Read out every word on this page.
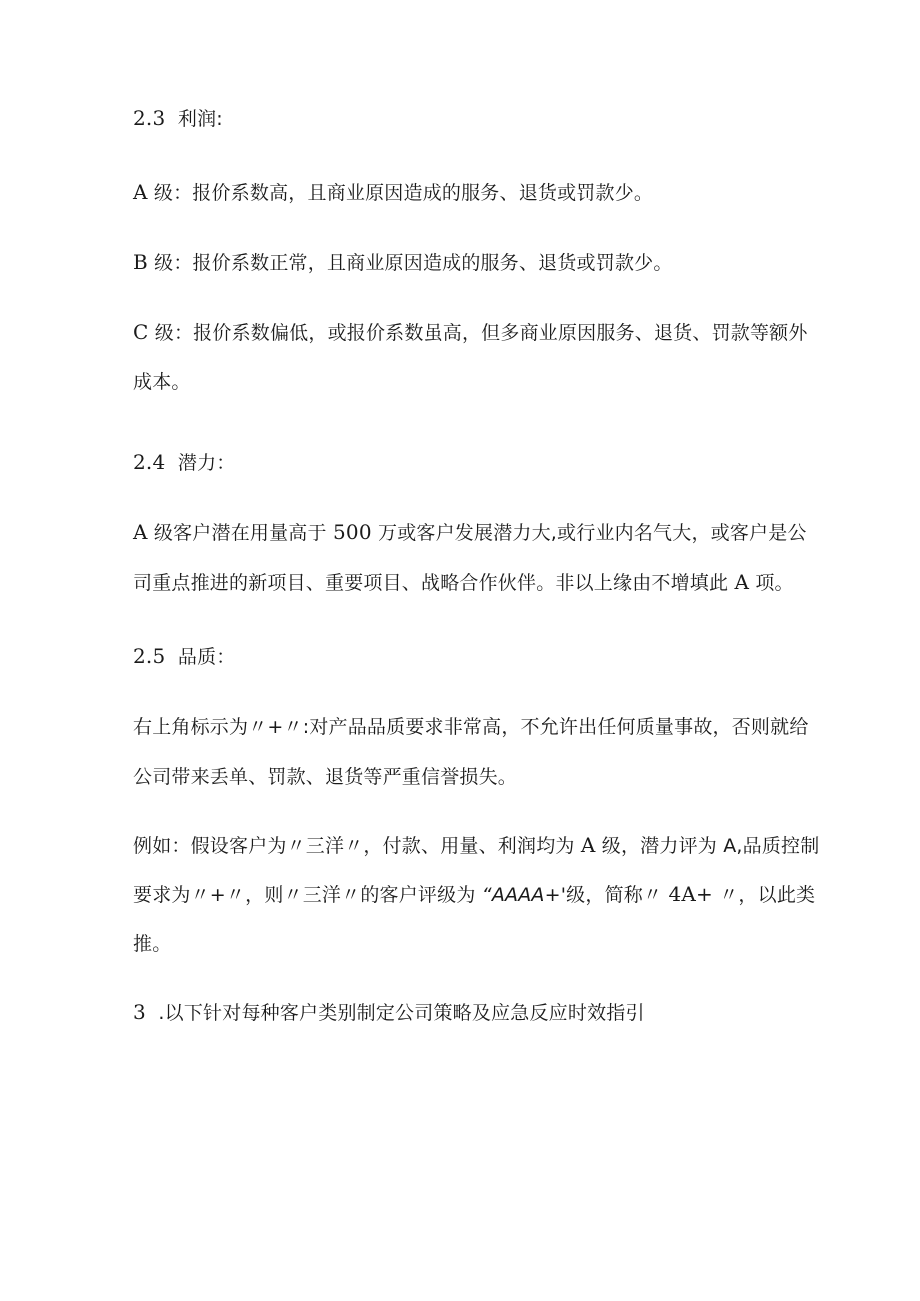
2.3 利润:
A 级：报价系数高，且商业原因造成的服务、退货或罚款少。
B 级：报价系数正常，且商业原因造成的服务、退货或罚款少。
C 级：报价系数偏低，或报价系数虽高，但多商业原因服务、退货、罚款等额外
成本。
2.4 潜力：
A 级客户潜在用量高于 500 万或客户发展潜力大,或行业内名气大，或客户是公
司重点推进的新项目、重要项目、战略合作伙伴。非以上缘由不增填此 A 项。
2.5 品质：
右上角标示为〃+〃:对产品品质要求非常高，不允许出任何质量事故，否则就给
公司带来丢单、罚款、退货等严重信誉损失。
例如：假设客户为〃三洋〃，付款、用量、利润均为 A 级，潜力评为 A,品质控制
要求为〃+〃，则〃三洋〃的客户评级为 “AAAA+'级，简称〃 4A+ 〃，以此类
推。
3 .以下针对每种客户类别制定公司策略及应急反应时效指引
